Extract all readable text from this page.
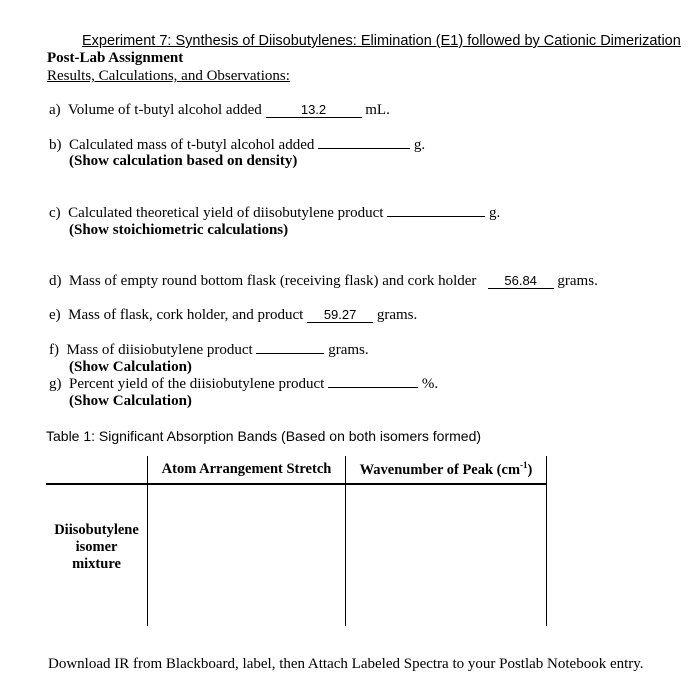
Experiment 7: Synthesis of Diisobutylenes: Elimination (E1) followed by Cationic Dimerization
Post-Lab Assignment
Results, Calculations, and Observations:
a) Volume of t-butyl alcohol added	13.2	mL.
b) Calculated mass of t-butyl alcohol added	g.
(Show calculation based on density)
c) Calculated theoretical yield of diisobutylene product	g.
(Show stoichiometric calculations)
d) Mass of empty round bottom flask (receiving flask) and cork holder 56.84 grams.
e) Mass of flask, cork holder, and product 59.27 grams.
f) Mass of diisiobutylene product	grams.
(Show Calculation)
g) Percent yield of the diisiobutylene product	%.
(Show Calculation)
Table 1: Significant Absorption Bands (Based on both isomers formed)
	Atom Arrangement Stretch	Wavenumber of Peak $(cm^{-1})$

Diisobutylene
isomer
mixture		

Download IR from Blackboard, label, then Attach Labeled Spectra to your Postlab Notebook entry.
